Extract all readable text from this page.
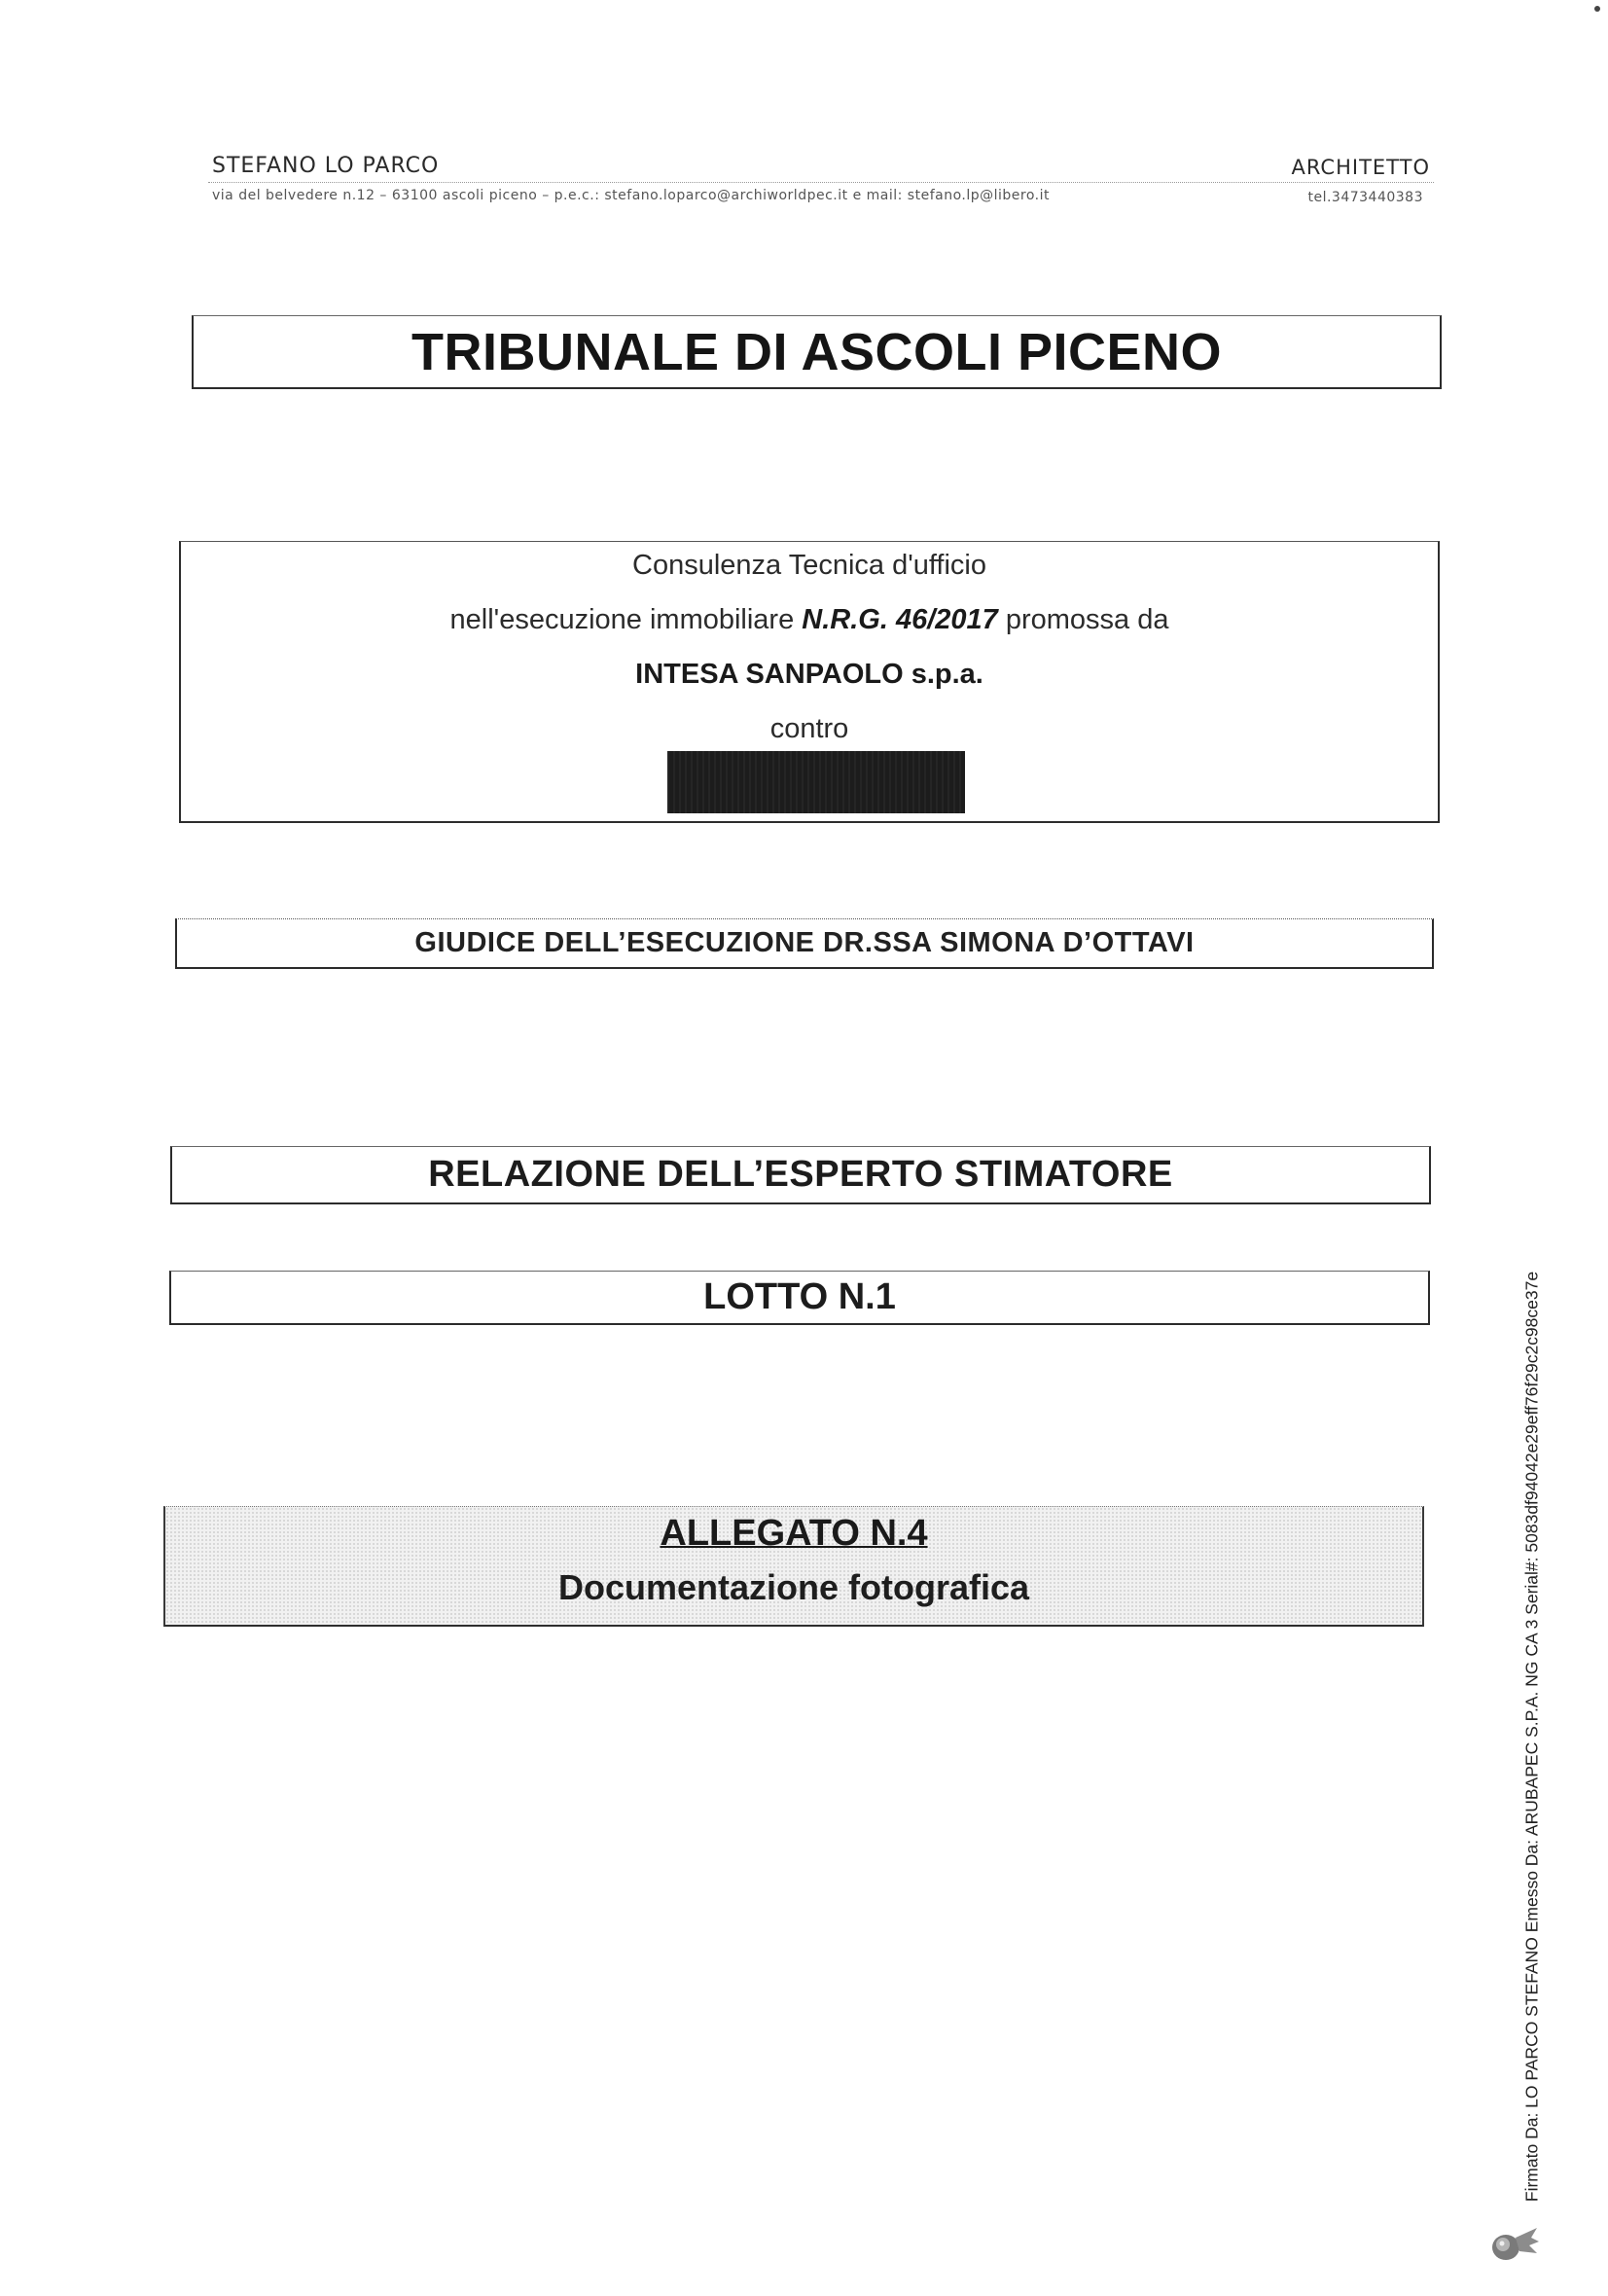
STEFANO LO PARCO	ARCHITETTO
via del belvedere n.12 – 63100 ascoli piceno – p.e.c.: stefano.loparco@archiworldpec.it e mail: stefano.lp@libero.it	tel.3473440383
TRIBUNALE DI ASCOLI PICENO
Consulenza Tecnica d'ufficio
nell'esecuzione immobiliare N.R.G. 46/2017 promossa da
INTESA SANPAOLO s.p.a.
contro
GIUDICE DELL’ESECUZIONE DR.SSA SIMONA D’OTTAVI
RELAZIONE DELL’ESPERTO STIMATORE
LOTTO N.1
ALLEGATO N.4
Documentazione fotografica	Firmato Da: LO PARCO STEFANO Emesso Da: ARUBAPEC S.P.A. NG CA 3 Serial#: 5083df94042e29eff76f29c2c98ce37e
